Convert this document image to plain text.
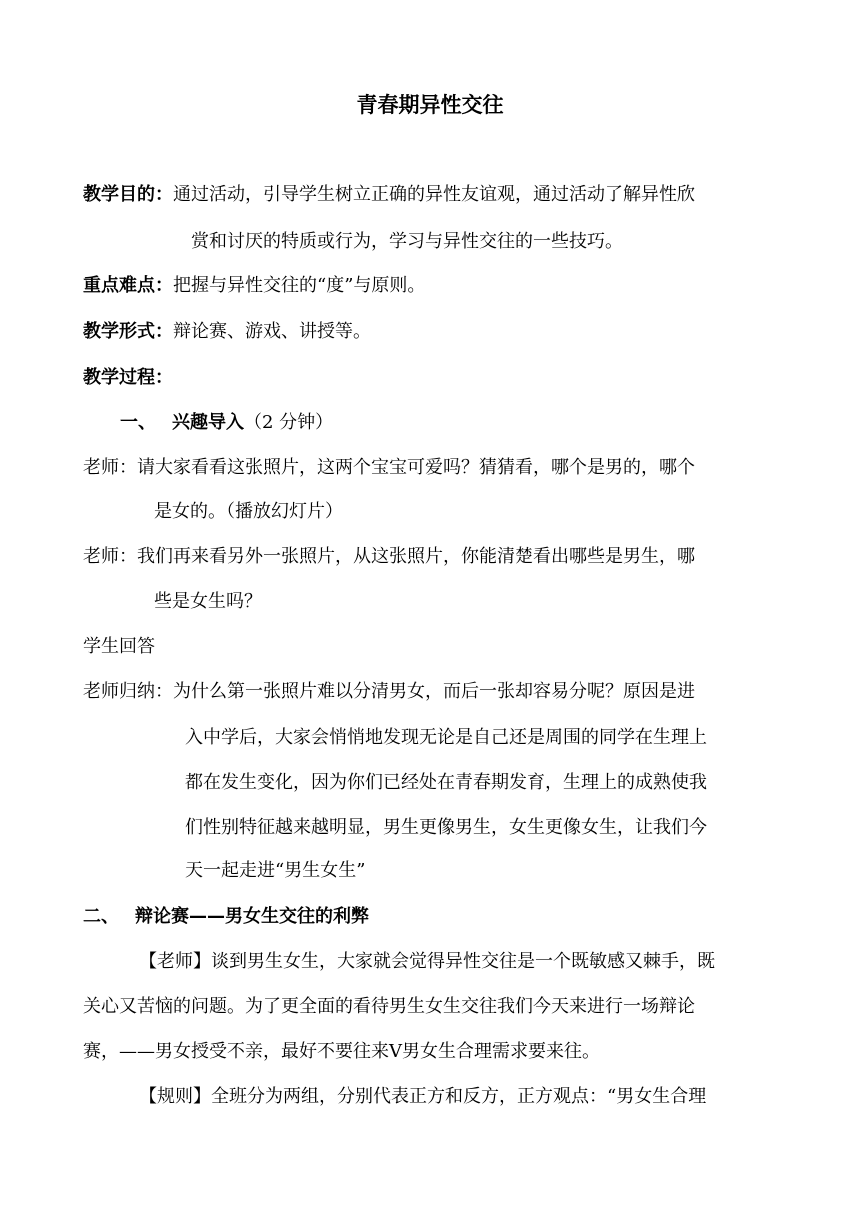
青春期异性交往
教学目的：通过活动，引导学生树立正确的异性友谊观，通过活动了解异性欣
赏和讨厌的特质或行为，学习与异性交往的一些技巧。
重点难点：把握与异性交往的“度”与原则。
教学形式：辩论赛、游戏、讲授等。
教学过程：
一、 兴趣导入（2 分钟）
老师：请大家看看这张照片，这两个宝宝可爱吗？猜猜看，哪个是男的，哪个
是女的。（播放幻灯片）
老师：我们再来看另外一张照片，从这张照片，你能清楚看出哪些是男生，哪
些是女生吗？
学生回答
老师归纳：为什么第一张照片难以分清男女，而后一张却容易分呢？原因是进
入中学后，大家会悄悄地发现无论是自己还是周围的同学在生理上
都在发生变化，因为你们已经处在青春期发育，生理上的成熟使我
们性别特征越来越明显，男生更像男生，女生更像女生，让我们今
天一起走进“男生女生”
二、 辩论赛——男女生交往的利弊
【老师】谈到男生女生，大家就会觉得异性交往是一个既敏感又棘手，既
关心又苦恼的问题。为了更全面的看待男生女生交往我们今天来进行一场辩论
赛，——男女授受不亲，最好不要往来Ⅴ男女生合理需求要来往。
【规则】全班分为两组，分别代表正方和反方，正方观点：“男女生合理
